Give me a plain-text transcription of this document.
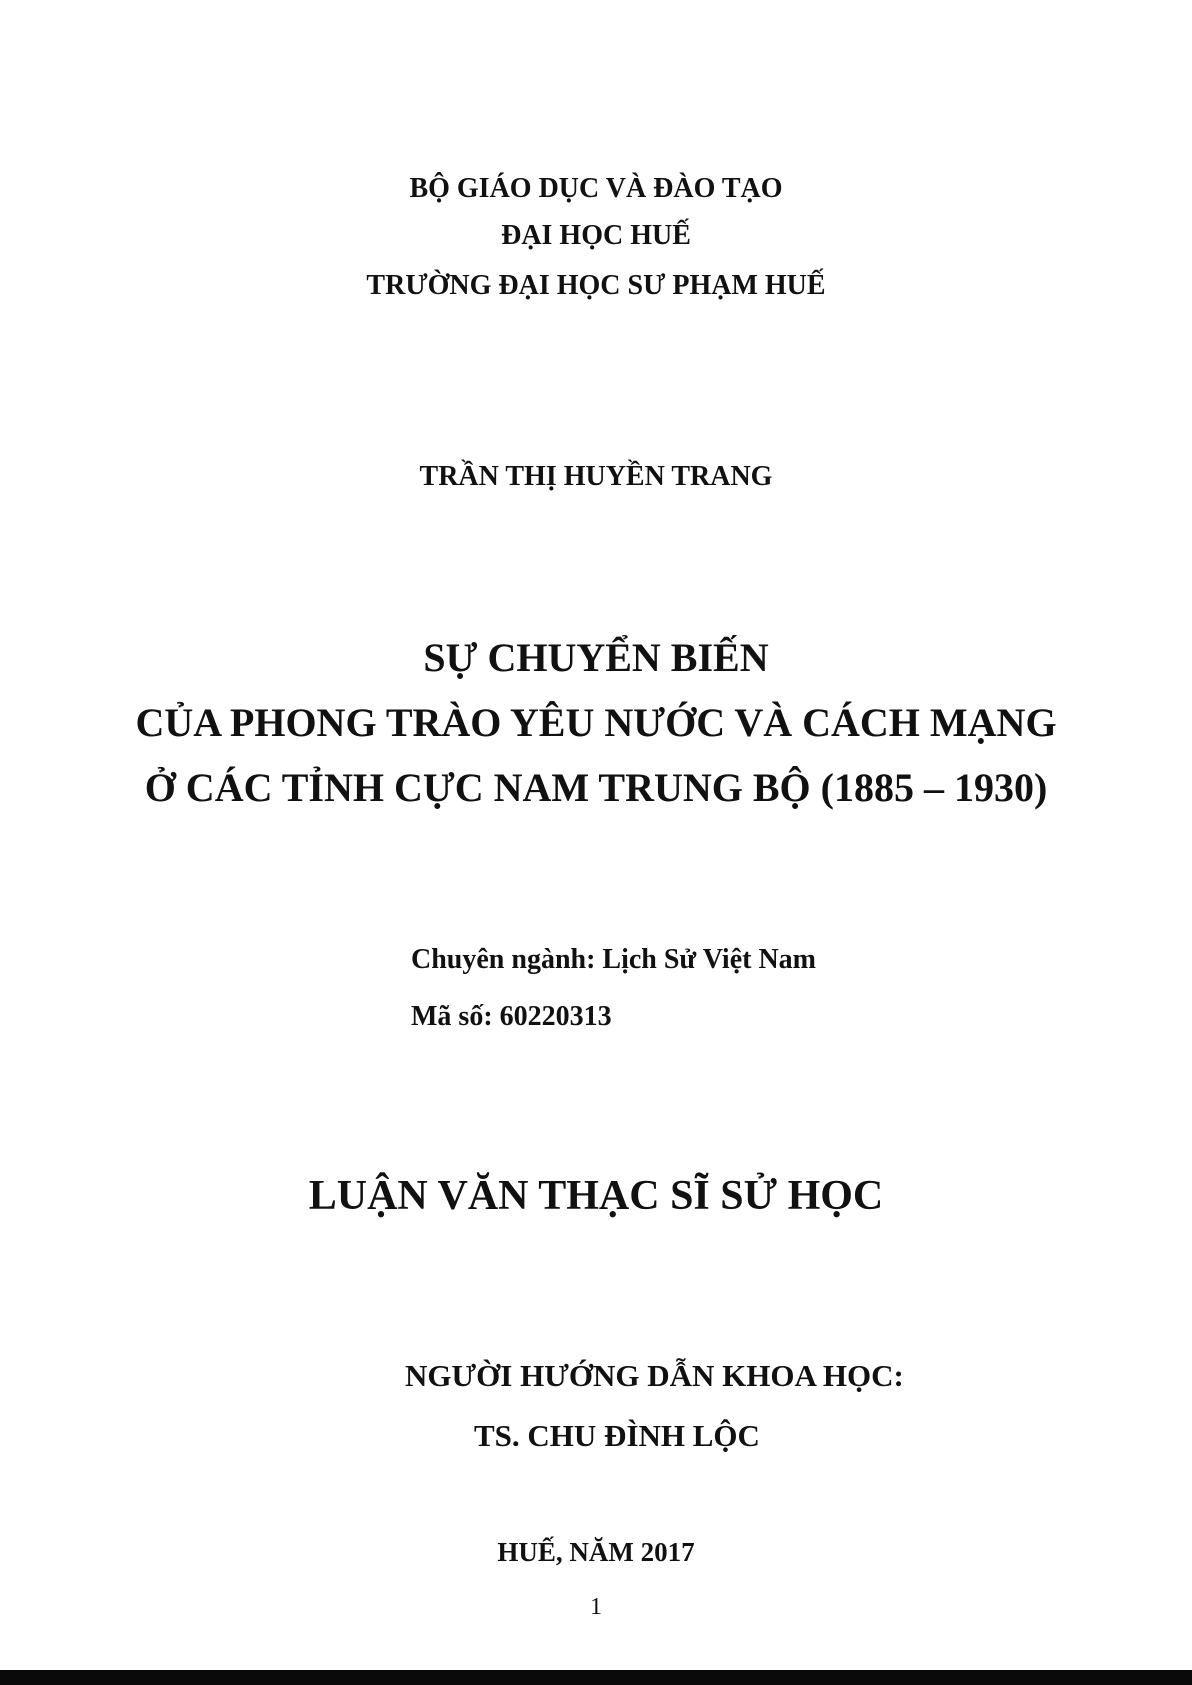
BỘ GIÁO DỤC VÀ ĐÀO TẠO
ĐẠI HỌC HUẾ
TRƯỜNG ĐẠI HỌC SƯ PHẠM HUẾ
TRẦN THỊ HUYỀN TRANG
SỰ CHUYỂN BIẾN
CỦA PHONG TRÀO YÊU NƯỚC VÀ CÁCH MẠNG
Ở CÁC TỈNH CỰC NAM TRUNG BỘ (1885 – 1930)
Chuyên ngành: Lịch Sử Việt Nam
Mã số: 60220313
LUẬN VĂN THẠC SĨ SỬ HỌC
NGƯỜI HƯỚNG DẪN KHOA HỌC:
TS. CHU ĐÌNH LỘC
HUẾ, NĂM 2017
1
